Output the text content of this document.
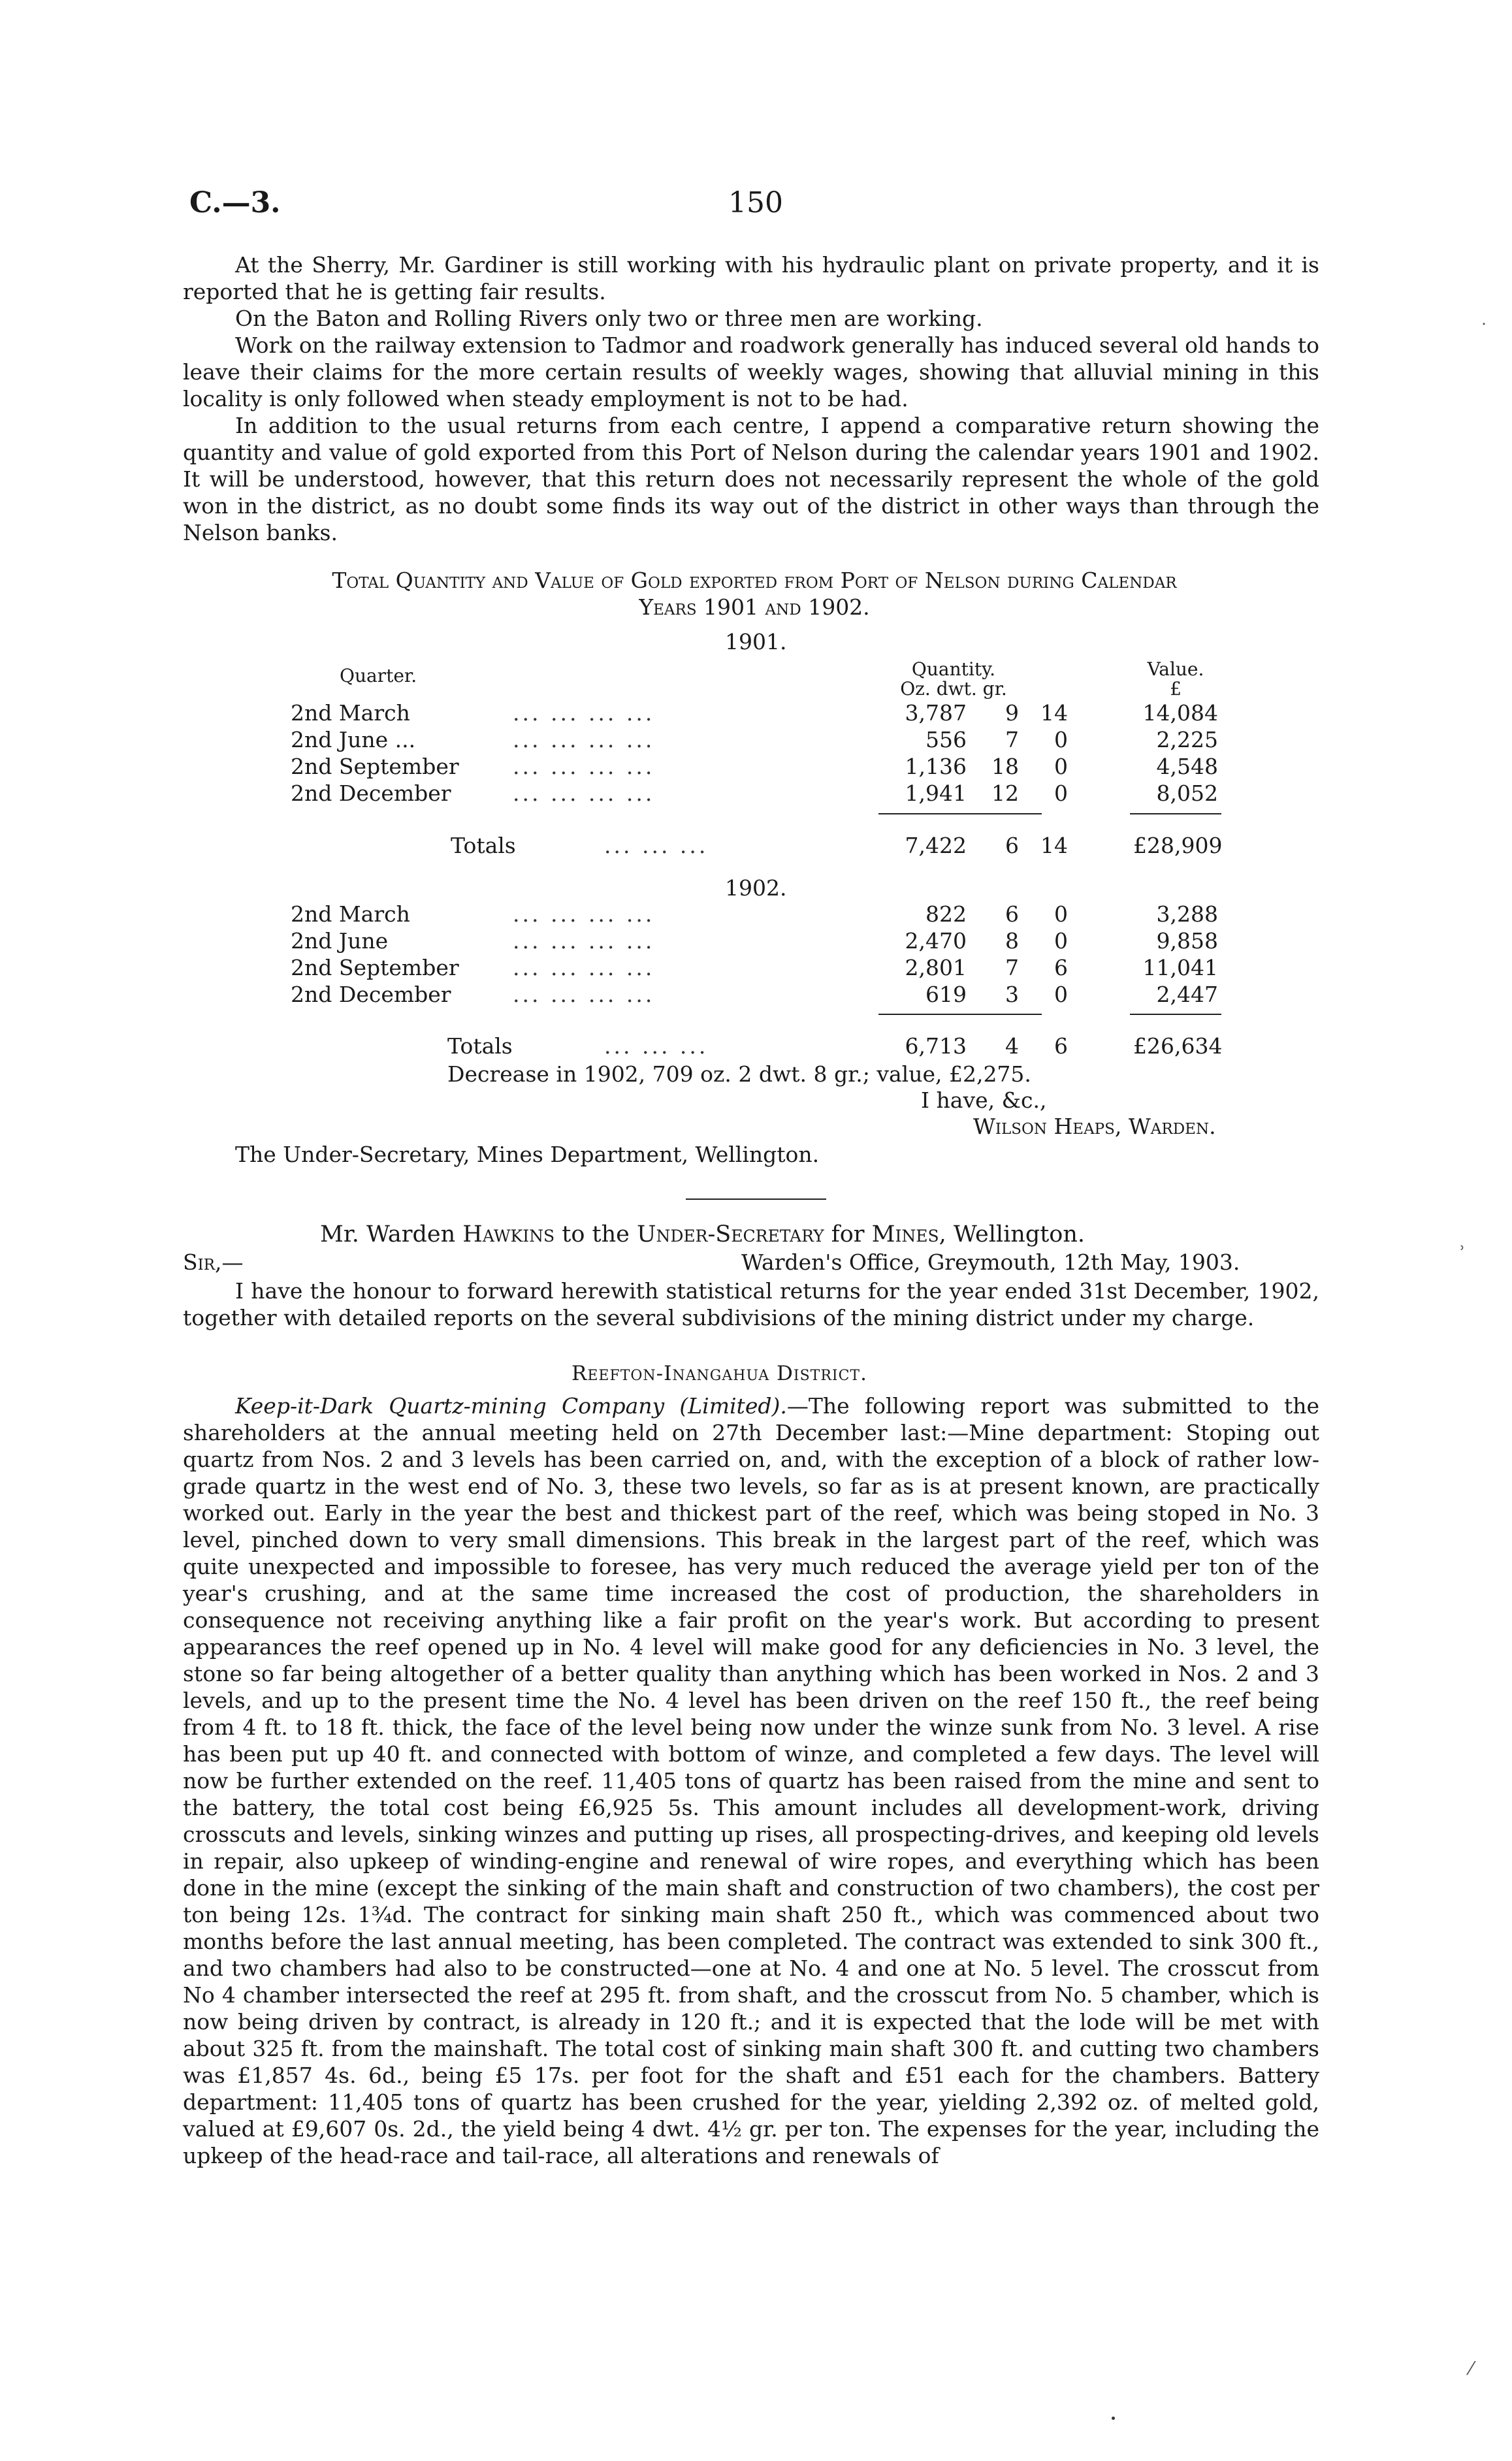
C.—3.	150

At the Sherry, Mr. Gardiner is still working with his hydraulic plant on private property, and it is reported that he is getting fair results.

On the Baton and Rolling Rivers only two or three men are working.

Work on the railway extension to Tadmor and roadwork generally has induced several old hands to leave their claims for the more certain results of weekly wages, showing that alluvial mining in this locality is only followed when steady employment is not to be had.

In addition to the usual returns from each centre, I append a comparative return showing the quantity and value of gold exported from this Port of Nelson during the calendar years 1901 and 1902. It will be understood, however, that this return does not necessarily represent the whole of the gold won in the district, as no doubt some finds its way out of the district in other ways than through the Nelson banks.

Total Quantity and Value of Gold exported from Port of Nelson during Calendar
Years 1901 and 1902.
1901.
Quarter.	Quantity.
Oz. dwt. gr.
Value.
£
2nd March	... ... ... ...	3,787	9 14	14,084
2nd June ...	... ... ... ...	556	7	0	2,225
2nd September ... ... ... ...	1,136 18	0	4,548
2nd December	... ... ... ...	1,941 12	0	8,052
Totals	... ... ...	7,422	6 14	£28,909
1902.
2nd March	... ... ... ...	822	6	0	3,288
2nd June	... ... ... ...	2,470	8	0	9,858
2nd September ... ... ... ...	2,801	7	6	11,041
2nd December	... ... ... ...	619	3	0	2,447
Totals	... ... ...	6,713	4	6	£26,634
Decrease in 1902, 709 oz. 2 dwt. 8 gr.; value, £2,275.
I have, &c.,
Wilson Heaps, Warden.
The Under-Secretary, Mines Department, Wellington.
Mr. Warden Hawkins to the Under-Secretary for Mines, Wellington.
Sir,—	Warden's Office, Greymouth, 12th May, 1903.

I have the honour to forward herewith statistical returns for the year ended 31st December, 1902, together with detailed reports on the several subdivisions of the mining district under my charge.

Reefton-Inangahua District.

Keep-it-Dark Quartz-mining Company (Limited).—The following report was submitted to the shareholders at the annual meeting held on 27th December last:—Mine department: Stoping out quartz from Nos. 2 and 3 levels has been carried on, and, with the exception of a block of rather low-grade quartz in the west end of No. 3, these two levels, so far as is at present known, are practically worked out. Early in the year the best and thickest part of the reef, which was being stoped in No. 3 level, pinched down to very small dimensions. This break in the largest part of the reef, which was quite unexpected and impossible to foresee, has very much reduced the average yield per ton of the year's crushing, and at the same time increased the cost of production, the shareholders in consequence not receiving anything like a fair profit on the year's work. But according to present appearances the reef opened up in No. 4 level will make good for any deficiencies in No. 3 level, the stone so far being altogether of a better quality than anything which has been worked in Nos. 2 and 3 levels, and up to the present time the No. 4 level has been driven on the reef 150 ft., the reef being from 4 ft. to 18 ft. thick, the face of the level being now under the winze sunk from No. 3 level. A rise has been put up 40 ft. and connected with bottom of winze, and completed a few days. The level will now be further extended on the reef. 11,405 tons of quartz has been raised from the mine and sent to the battery, the total cost being £6,925 5s. This amount includes all development-work, driving crosscuts and levels, sinking winzes and putting up rises, all prospecting-drives, and keeping old levels in repair, also upkeep of winding-engine and renewal of wire ropes, and everything which has been done in the mine (except the sinking of the main shaft and construction of two chambers), the cost per ton being 12s. 1¾d. The contract for sinking main shaft 250 ft., which was commenced about two months before the last annual meeting, has been completed. The contract was extended to sink 300 ft., and two chambers had also to be constructed—one at No. 4 and one at No. 5 level. The crosscut from No 4 chamber intersected the reef at 295 ft. from shaft, and the crosscut from No. 5 chamber, which is now being driven by contract, is already in 120 ft.; and it is expected that the lode will be met with about 325 ft. from the mainshaft. The total cost of sinking main shaft 300 ft. and cutting two chambers was £1,857 4s. 6d., being £5 17s. per foot for the shaft and £51 each for the chambers. Battery department: 11,405 tons of quartz has been crushed for the year, yielding 2,392 oz. of melted gold, valued at £9,607 0s. 2d., the yield being 4 dwt. 4½ gr. per ton. The expenses for the year, including the upkeep of the head-race and tail-race, all alterations and renewals of

˙
˒
⁄
